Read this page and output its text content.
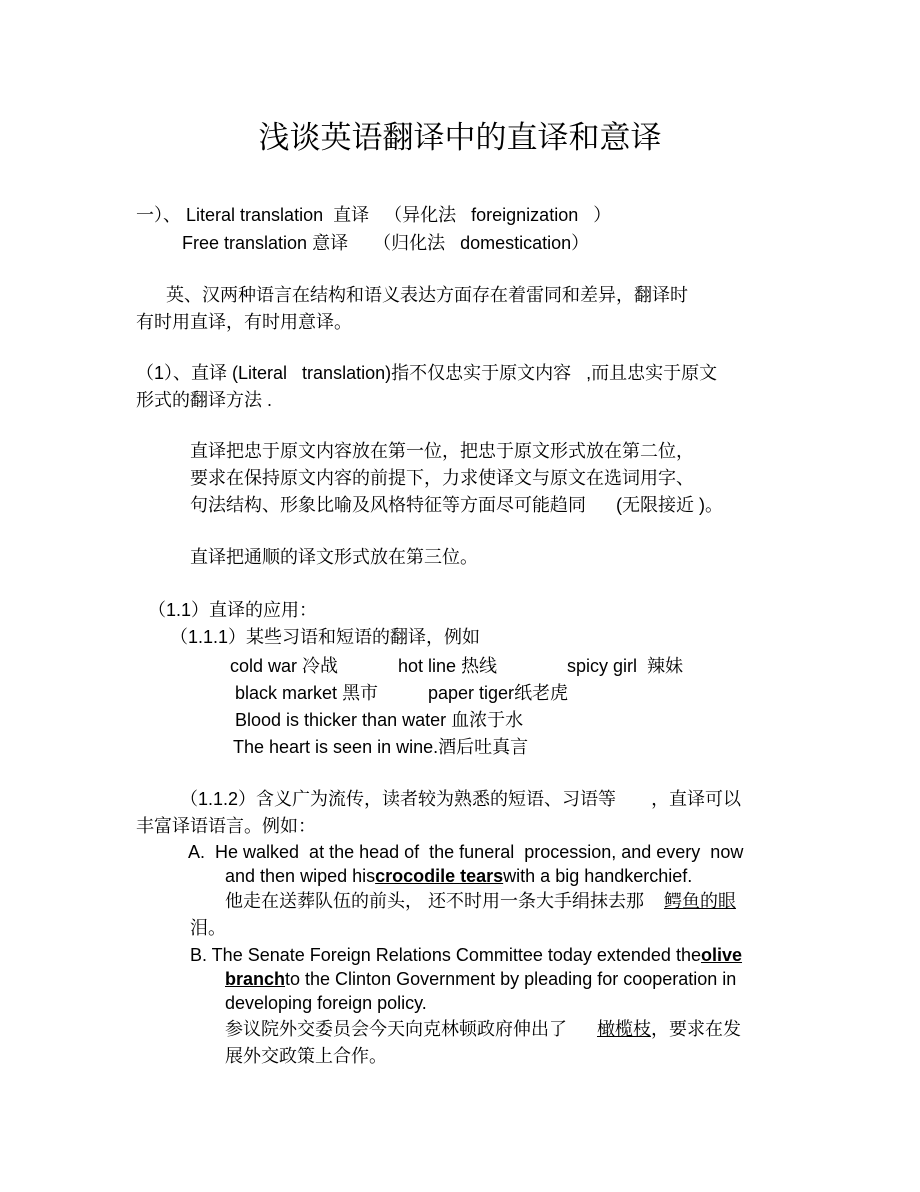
浅谈英语翻译中的直译和意译
一）、 Literal translation 直译 （异化法 foreignization ）
Free translation 意译 （归化法 domestication）
英、汉两种语言在结构和语义表达方面存在着雷同和差异，翻译时
有时用直译，有时用意译。
（1）、直译 (Literal translation)指不仅忠实于原文内容 ,而且忠实于原文
形式的翻译方法 .
直译把忠于原文内容放在第一位，把忠于原文形式放在第二位，
要求在保持原文内容的前提下，力求使译文与原文在选词用字、
句法结构、形象比喻及风格特征等方面尽可能趋同 (无限接近 )。
直译把通顺的译文形式放在第三位。
（1.1）直译的应用：
（1.1.1）某些习语和短语的翻译，例如
cold war 冷战	hot line 热线	spicy girl 辣妹
black market 黑市	paper tiger纸老虎
Blood is thicker than water 血浓于水
The heart is seen in wine.酒后吐真言
（1.1.2）含义广为流传，读者较为熟悉的短语、习语等 ，直译可以
丰富译语语言。例如：
A.  He walked  at the head of  the funeral  procession, and every  now
and then wiped hiscrocodile tearswith a big handkerchief.
他走在送葬队伍的前头， 还不时用一条大手绢抹去那 鳄鱼的眼
泪。
B. The Senate Foreign Relations Committee today extended theolive
branchto the Clinton Government by pleading for cooperation in
developing foreign policy.
参议院外交委员会今天向克林顿政府伸出了 橄榄枝，要求在发
展外交政策上合作。
